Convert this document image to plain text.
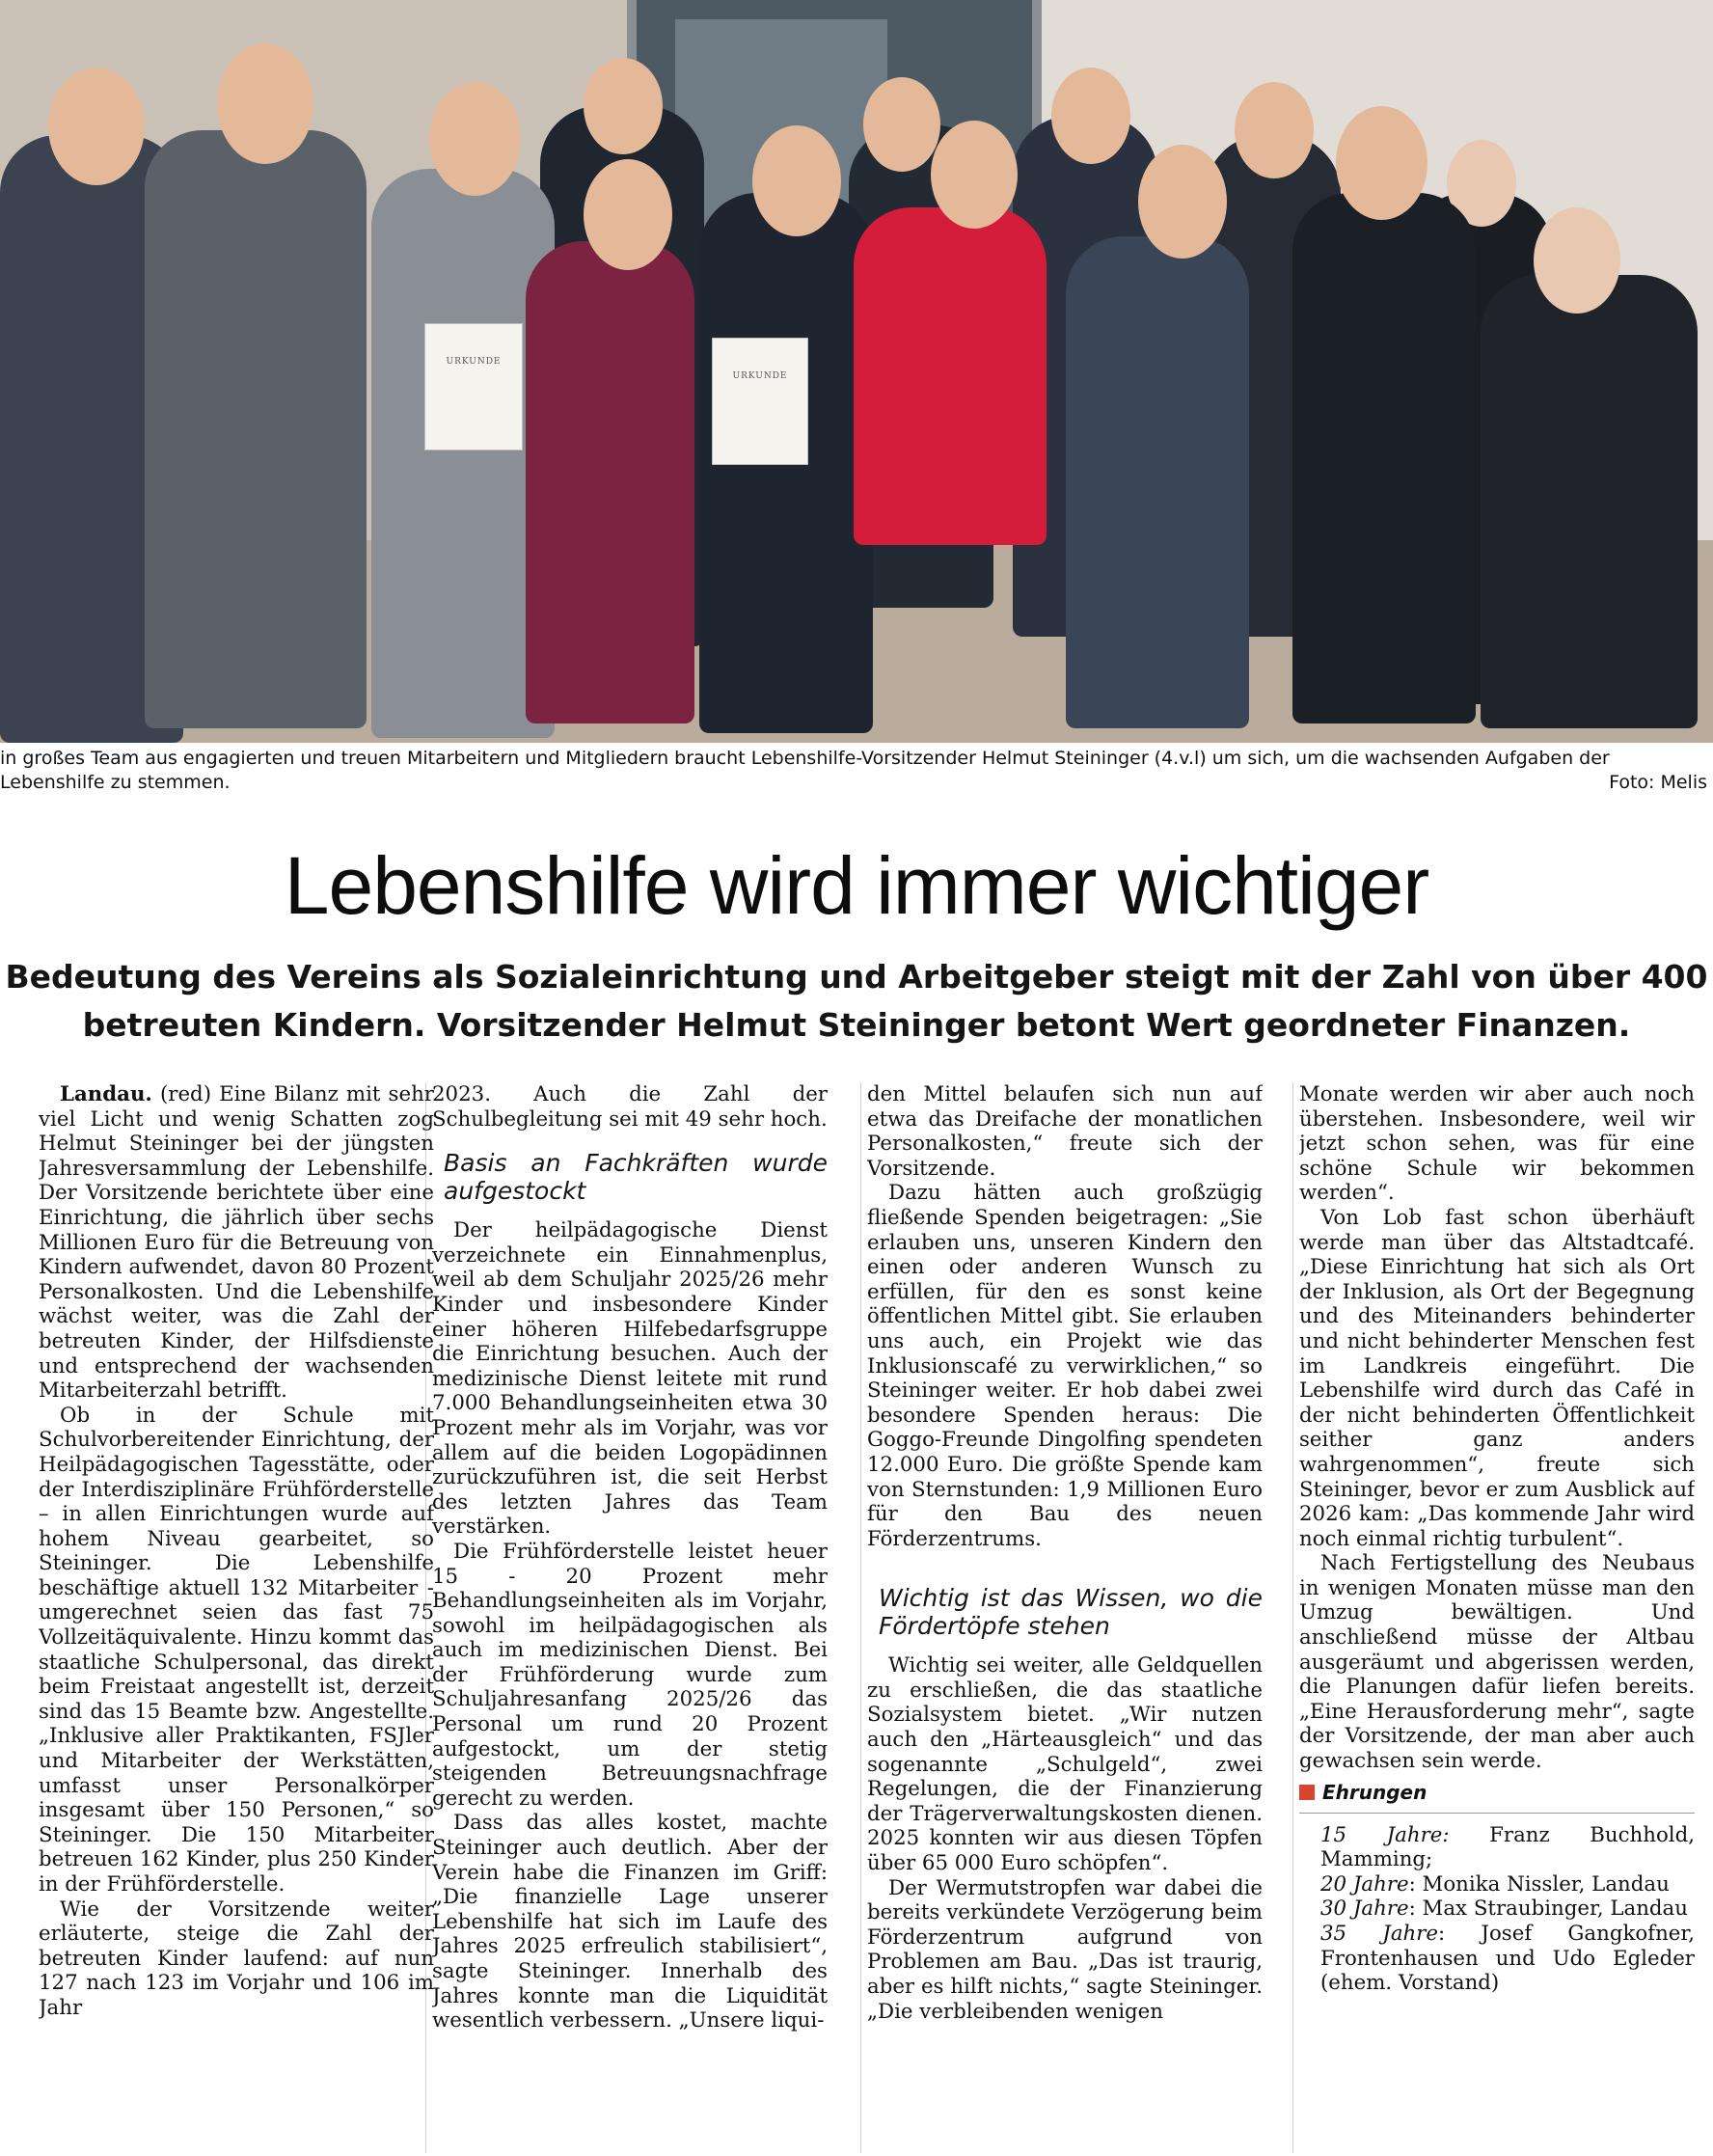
URKUNDE
URKUNDE
in großes Team aus engagierten und treuen Mitarbeitern und Mitgliedern braucht Lebenshilfe-Vorsitzender Helmut Steininger (4.v.l) um sich, um die wachsenden Aufgaben der Lebenshilfe zu stemmen.	Foto: Melis
Lebenshilfe wird immer wichtiger
Bedeutung des Vereins als Sozialeinrichtung und Arbeitgeber steigt mit der Zahl von über 400 betreuten Kindern. Vorsitzender Helmut Steininger betont Wert geordneter Finanzen.

Landau. (red) Eine Bilanz mit sehr viel Licht und wenig Schatten zog Helmut Steininger bei der jüngsten Jahresversammlung der Lebenshilfe. Der Vorsitzende berichtete über eine Einrichtung, die jährlich über sechs Millionen Euro für die Betreuung von Kindern aufwendet, davon 80 Prozent Personalkosten. Und die Lebenshilfe wächst weiter, was die Zahl der betreuten Kinder, der Hilfsdienste und entsprechend der wachsenden Mitarbeiterzahl betrifft.

Ob in der Schule mit Schulvorbereitender Einrichtung, der Heilpädagogischen Tagesstätte, oder der Interdisziplinäre Frühförderstelle – in allen Einrichtungen wurde auf hohem Niveau gearbeitet, so Steininger. Die Lebenshilfe beschäftige aktuell 132 Mitarbeiter - umgerechnet seien das fast 75 Vollzeitäquivalente. Hinzu kommt das staatliche Schulpersonal, das direkt beim Freistaat angestellt ist, derzeit sind das 15 Beamte bzw. Angestellte. „Inklusive aller Praktikanten, FSJler und Mitarbeiter der Werkstätten, umfasst unser Personalkörper insgesamt über 150 Personen,“ so Steininger. Die 150 Mitarbeiter betreuen 162 Kinder, plus 250 Kinder in der Frühförderstelle.

Wie der Vorsitzende weiter erläuterte, steige die Zahl der betreuten Kinder laufend: auf nun 127 nach 123 im Vorjahr und 106 im Jahr

2023. Auch die Zahl der Schulbegleitung sei mit 49 sehr hoch.

Basis an Fachkräften wurde aufgestockt

Der heilpädagogische Dienst verzeichnete ein Einnahmenplus, weil ab dem Schuljahr 2025/26 mehr Kinder und insbesondere Kinder einer höheren Hilfebedarfsgruppe die Einrichtung besuchen. Auch der medizinische Dienst leitete mit rund 7.000 Behandlungseinheiten etwa 30 Prozent mehr als im Vorjahr, was vor allem auf die beiden Logopädinnen zurückzuführen ist, die seit Herbst des letzten Jahres das Team verstärken.

Die Frühförderstelle leistet heuer 15 - 20 Prozent mehr Behandlungseinheiten als im Vorjahr, sowohl im heilpädagogischen als auch im medizinischen Dienst. Bei der Frühförderung wurde zum Schuljahresanfang 2025/26 das Personal um rund 20 Prozent aufgestockt, um der stetig steigenden Betreuungsnachfrage gerecht zu werden.

Dass das alles kostet, machte Steininger auch deutlich. Aber der Verein habe die Finanzen im Griff: „Die finanzielle Lage unserer Lebenshilfe hat sich im Laufe des Jahres 2025 erfreulich stabilisiert“, sagte Steininger. Innerhalb des Jahres konnte man die Liquidität wesentlich verbessern. „Unsere liqui-

den Mittel belaufen sich nun auf etwa das Dreifache der monatlichen Personalkosten,“ freute sich der Vorsitzende.

Dazu hätten auch großzügig fließende Spenden beigetragen: „Sie erlauben uns, unseren Kindern den einen oder anderen Wunsch zu erfüllen, für den es sonst keine öffentlichen Mittel gibt. Sie erlauben uns auch, ein Projekt wie das Inklusionscafé zu verwirklichen,“ so Steininger weiter. Er hob dabei zwei besondere Spenden heraus: Die Goggo-Freunde Dingolfing spendeten 12.000 Euro. Die größte Spende kam von Sternstunden: 1,9 Millionen Euro für den Bau des neuen Förderzentrums.

Wichtig ist das Wissen, wo die Fördertöpfe stehen

Wichtig sei weiter, alle Geldquellen zu erschließen, die das staatliche Sozialsystem bietet. „Wir nutzen auch den „Härteausgleich“ und das sogenannte „Schulgeld“, zwei Regelungen, die der Finanzierung der Trägerverwaltungskosten dienen. 2025 konnten wir aus diesen Töpfen über 65 000 Euro schöpfen“.

Der Wermutstropfen war dabei die bereits verkündete Verzögerung beim Förderzentrum aufgrund von Problemen am Bau. „Das ist traurig, aber es hilft nichts,“ sagte Steininger. „Die verbleibenden wenigen

Monate werden wir aber auch noch überstehen. Insbesondere, weil wir jetzt schon sehen, was für eine schöne Schule wir bekommen werden“.

Von Lob fast schon überhäuft werde man über das Altstadtcafé. „Diese Einrichtung hat sich als Ort der Inklusion, als Ort der Begegnung und des Miteinanders behinderter und nicht behinderter Menschen fest im Landkreis eingeführt. Die Lebenshilfe wird durch das Café in der nicht behinderten Öffentlichkeit seither ganz anders wahrgenommen“, freute sich Steininger, bevor er zum Ausblick auf 2026 kam: „Das kommende Jahr wird noch einmal richtig turbulent“.

Nach Fertigstellung des Neubaus in wenigen Monaten müsse man den Umzug bewältigen. Und anschließend müsse der Altbau ausgeräumt und abgerissen werden, die Planungen dafür liefen bereits. „Eine Herausforderung mehr“, sagte der Vorsitzende, der man aber auch gewachsen sein werde.

Ehrungen

15 Jahre: Franz Buchhold, Mamming;

20 Jahre: Monika Nissler, Landau

30 Jahre: Max Straubinger, Landau

35 Jahre: Josef Gangkofner, Frontenhausen und Udo Egleder (ehem. Vorstand)
